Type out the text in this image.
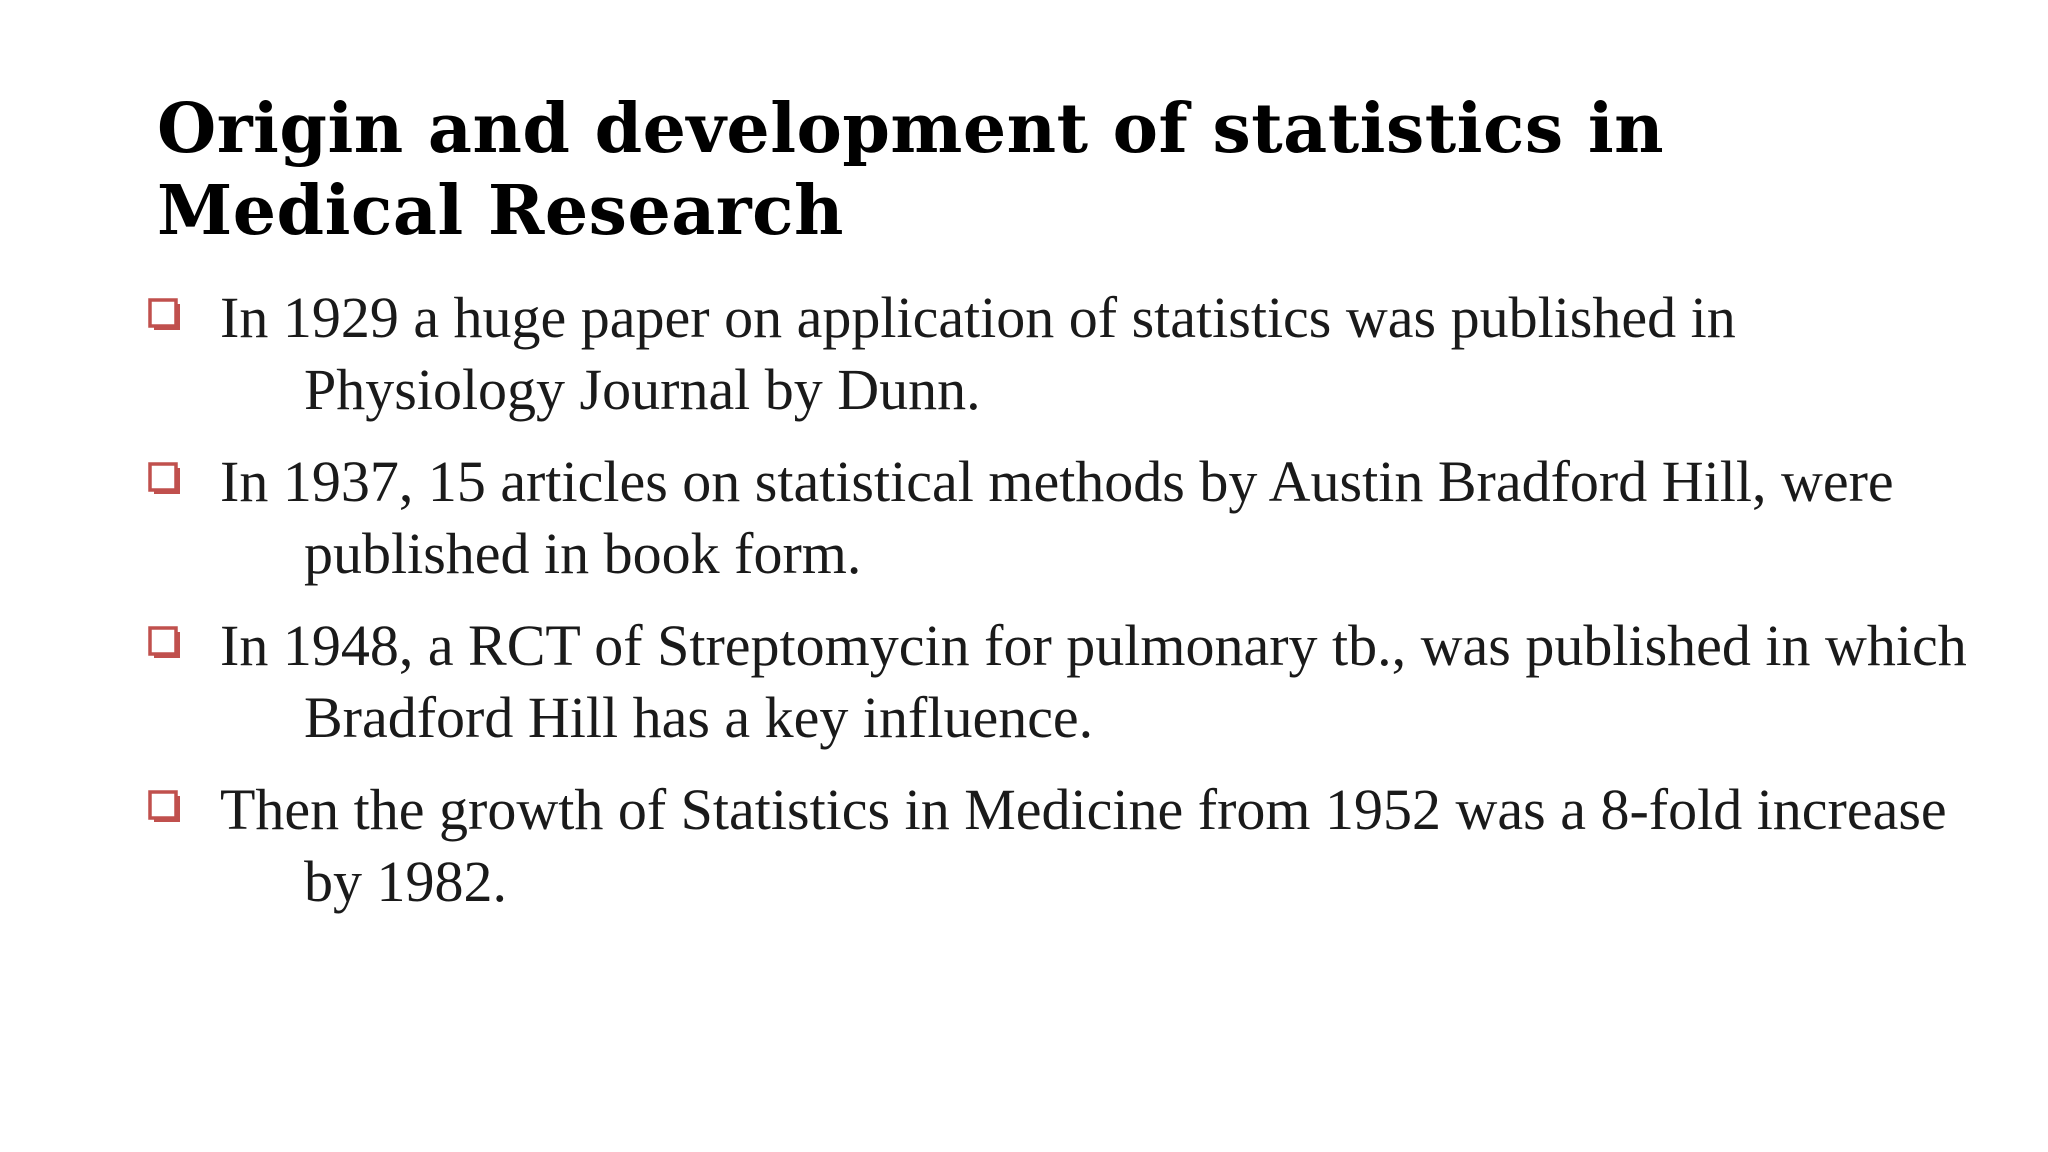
Origin and development of statistics in Medical Research
In 1929 a huge paper on application of statistics was published in Physiology Journal by Dunn.
In 1937, 15 articles on statistical methods by Austin Bradford Hill, were published in book form.
In 1948, a RCT of Streptomycin for pulmonary tb., was published in which Bradford Hill has a key influence.
Then the growth of Statistics in Medicine from 1952 was a 8-fold increase by 1982.
